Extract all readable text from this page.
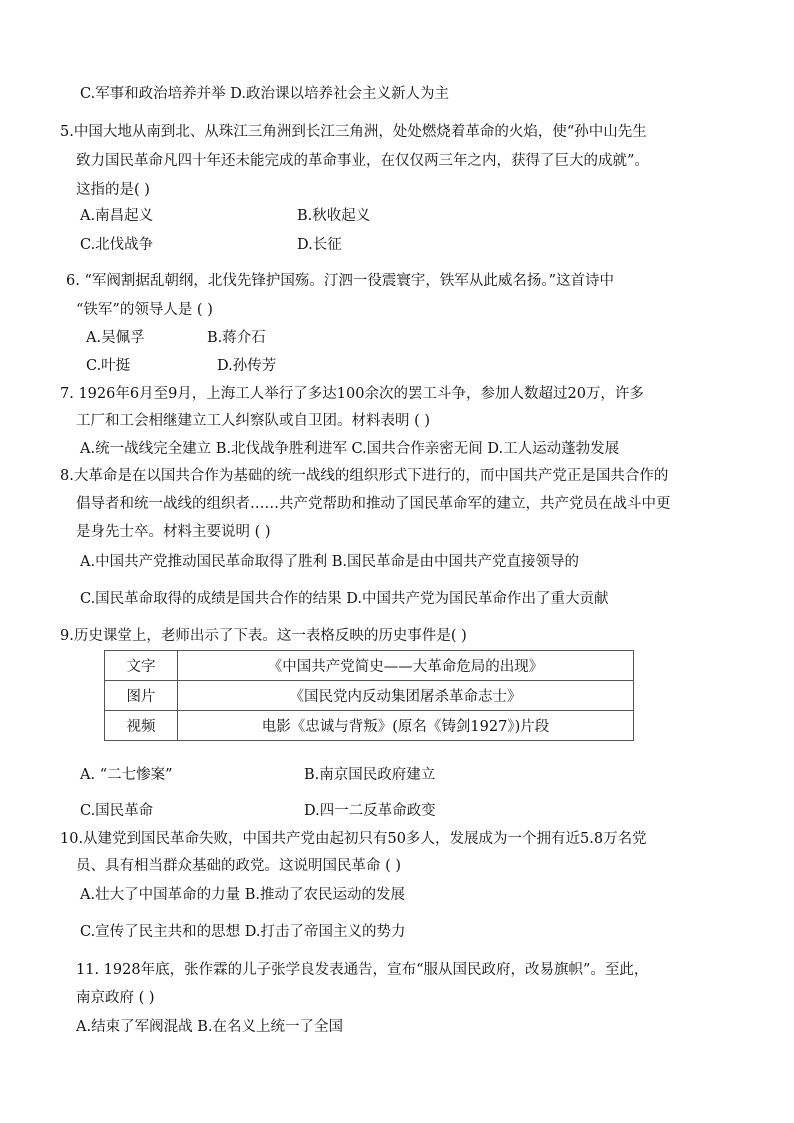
C.军事和政治培养并举 D.政治课以培养社会主义新人为主
5.中国大地从南到北、从珠江三角洲到长江三角洲，处处燃烧着革命的火焰，使“孙中山先生
致力国民革命凡四十年还未能完成的革命事业，在仅仅两三年之内，获得了巨大的成就”。
这指的是( )
A.南昌起义	B.秋收起义
C.北伐战争	D.长征
6. “军阀割据乱朝纲，北伐先锋护国殇。汀泗一役震寰宇，铁军从此威名扬。”这首诗中
“铁军”的领导人是 ( )
A.吴佩孚	B.蒋介石
C.叶挺	D.孙传芳
7. 1926年6月至9月，上海工人举行了多达100余次的罢工斗争，参加人数超过20万，许多
工厂和工会相继建立工人纠察队或自卫团。材料表明 ( )
A.统一战线完全建立 B.北伐战争胜利进军 C.国共合作亲密无间 D.工人运动蓬勃发展
8.大革命是在以国共合作为基础的统一战线的组织形式下进行的，而中国共产党正是国共合作的
倡导者和统一战线的组织者……共产党帮助和推动了国民革命军的建立，共产党员在战斗中更
是身先士卒。材料主要说明 ( )
A.中国共产党推动国民革命取得了胜利 B.国民革命是由中国共产党直接领导的
C.国民革命取得的成绩是国共合作的结果 D.中国共产党为国民革命作出了重大贡献
9.历史课堂上，老师出示了下表。这一表格反映的历史事件是( )
文字	《中国共产党简史——大革命危局的出现》
图片	《国民党内反动集团屠杀革命志士》
视频	电影《忠诚与背叛》(原名《铸剑1927》)片段
A. “二七惨案”	B.南京国民政府建立
C.国民革命	D.四一二反革命政变
10.从建党到国民革命失败，中国共产党由起初只有50多人，发展成为一个拥有近5.8万名党
员、具有相当群众基础的政党。这说明国民革命 ( )
A.壮大了中国革命的力量 B.推动了农民运动的发展
C.宣传了民主共和的思想 D.打击了帝国主义的势力
11. 1928年底，张作霖的儿子张学良发表通告，宣布“服从国民政府，改易旗帜”。至此，
南京政府 ( )
A.结束了军阀混战 B.在名义上统一了全国
